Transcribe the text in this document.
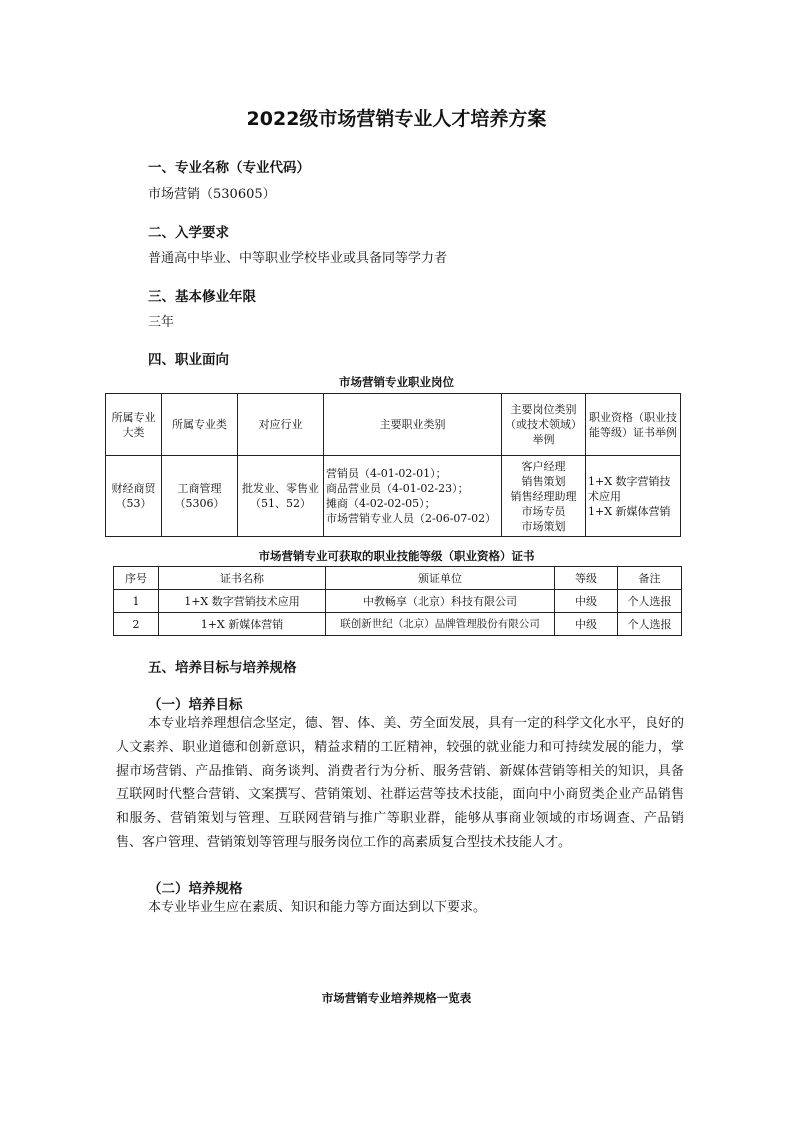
2022级市场营销专业人才培养方案
一、专业名称（专业代码）
市场营销（530605）
二、入学要求
普通高中毕业、中等职业学校毕业或具备同等学力者
三、基本修业年限
三年
四、职业面向
市场营销专业职业岗位
所属专业大类	所属专业类	对应行业	主要职业类别	主要岗位类别（或技术领域）举例	职业资格（职业技能等级）证书举例
财经商贸（53）	工商管理（5306）	批发业、零售业（51、52）	营销员（4-01-02-01）；
商品营业员（4-01-02-23）；
摊商（4-02-02-05）；
市场营销专业人员（2-06-07-02）	客户经理
销售策划
销售经理助理
市场专员
市场策划	1+X 数字营销技术应用
1+X 新媒体营销
市场营销专业可获取的职业技能等级（职业资格）证书
序号	证书名称	颁证单位	等级	备注
1	1+X 数字营销技术应用	中教畅享（北京）科技有限公司	中级	个人选报
2	1+X 新媒体营销	联创新世纪（北京）品牌管理股份有限公司	中级	个人选报
五、培养目标与培养规格
（一）培养目标
本专业培养理想信念坚定，德、智、体、美、劳全面发展，具有一定的科学文化水平，良好的人文素养、职业道德和创新意识，精益求精的工匠精神，较强的就业能力和可持续发展的能力，掌握市场营销、产品推销、商务谈判、消费者行为分析、服务营销、新媒体营销等相关的知识，具备互联网时代整合营销、文案撰写、营销策划、社群运营等技术技能，面向中小商贸类企业产品销售和服务、营销策划与管理、互联网营销与推广等职业群，能够从事商业领域的市场调查、产品销售、客户管理、营销策划等管理与服务岗位工作的高素质复合型技术技能人才。
（二）培养规格
本专业毕业生应在素质、知识和能力等方面达到以下要求。
市场营销专业培养规格一览表
